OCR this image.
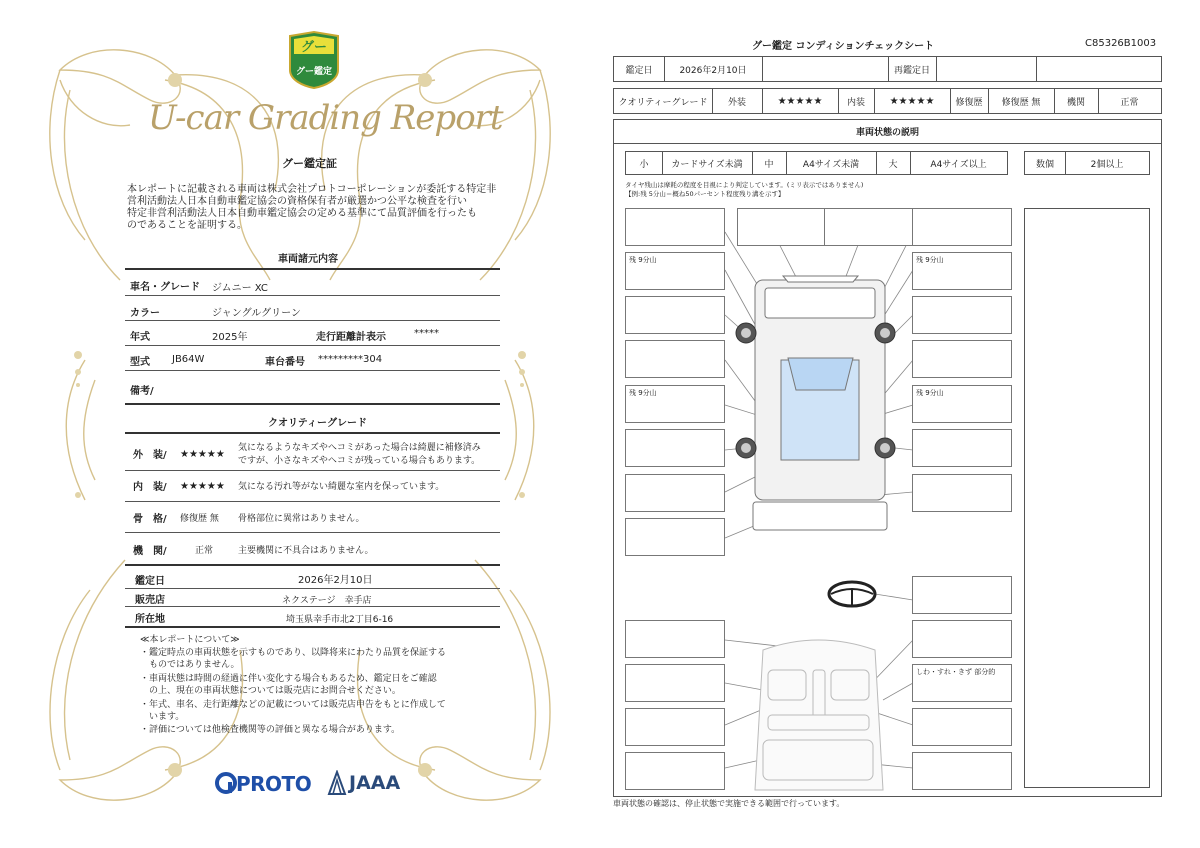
グー
グー鑑定
U-car Grading Report
グー鑑定証
本レポートに記載される車両は株式会社プロトコーポレーションが委託する特定非
営利活動法人日本自動車鑑定協会の資格保有者が厳選かつ公平な検査を行い
特定非営利活動法人日本自動車鑑定協会の定める基準にて品質評価を行ったも
のであることを証明する。
車両諸元内容
車名・グレード ジムニー XC
カラー	ジャングルグリーン
年式	2025年	走行距離計表示	*****
型式 JB64W	車台番号 *********304
備考/
クオリティーグレード
外　装/ ★★★★★
気になるようなキズやへコミがあった場合は綺麗に補修済み
ですが、小さなキズやヘコミが残っている場合もあります。
内　装/ ★★★★★ 気になる汚れ等がない綺麗な室内を保っています。
骨　格/ 修復歴 無 骨格部位に異常はありません。
機　関/	正常	主要機関に不具合はありません。
鑑定日	2026年2月10日
販売店	ネクステージ　幸手店
所在地	埼玉県幸手市北2丁目6-16
≪本レポートについて≫
・鑑定時点の車両状態を示すものであり、以降将来にわたり品質を保証する
　ものではありません。
・車両状態は時間の経過に伴い変化する場合もあるため、鑑定日をご確認
　の上、現在の車両状態については販売店にお問合せください。
・年式、車名、走行距離などの記載については販売店申告をもとに作成して
　います。
・評価については他検査機関等の評価と異なる場合があります。
PROTO JAAA
グー鑑定 コンディションチェックシート	C85326B1003
鑑定日	2026年2月10日	再鑑定日
クオリティーグレード	外装	★★★★★	内装	★★★★★	修復歴	修復歴 無	機関	正常
車両状態の説明
小	カードサイズ未満	中	A4サイズ未満	大	A4サイズ以上	数個	2個以上
タイヤ残山は摩耗の程度を目視により判定しています。(ミリ表示ではありません)
【例:残 5分山＝概ね50パーセント程度残り溝を示す】
残 9分山	残 9分山
残 9分山	残 9分山
しわ・すれ・きず 部分的
車両状態の確認は、停止状態で実施できる範囲で行っています。
